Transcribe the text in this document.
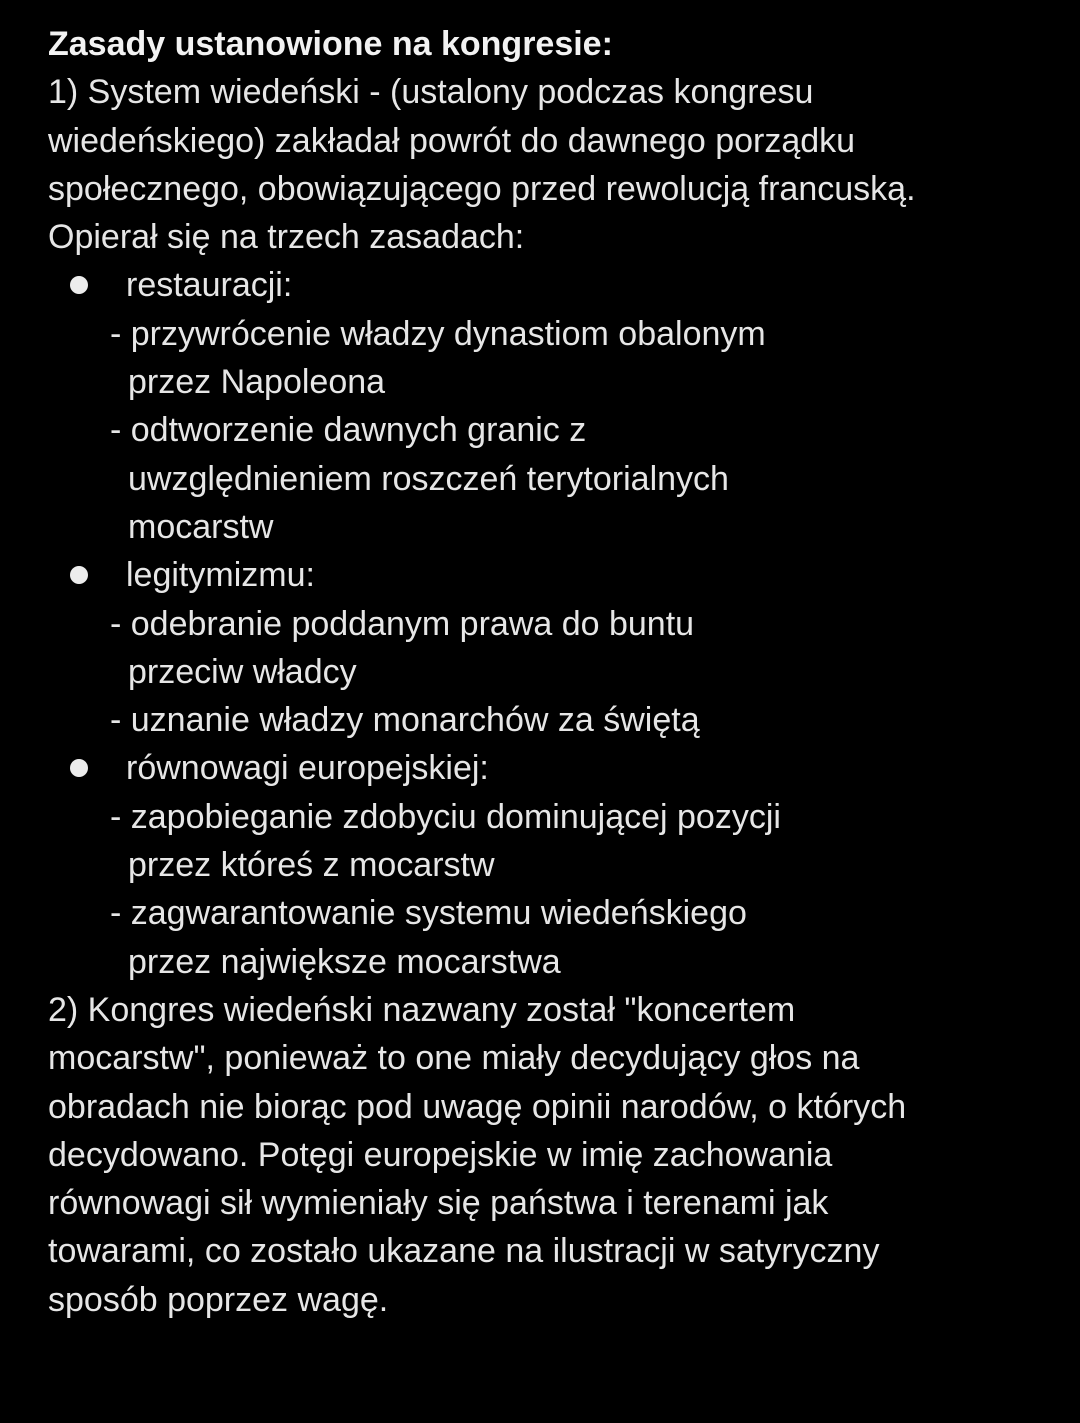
Zasady ustanowione na kongresie:
1) System wiedeński - (ustalony podczas kongresu
wiedeńskiego) zakładał powrót do dawnego porządku
społecznego, obowiązującego przed rewolucją francuską.
Opierał się na trzech zasadach:
restauracji:
- przywrócenie władzy dynastiom obalonym
przez Napoleona
- odtworzenie dawnych granic z
uwzględnieniem roszczeń terytorialnych
mocarstw
legitymizmu:
- odebranie poddanym prawa do buntu
przeciw władcy
- uznanie władzy monarchów za świętą
równowagi europejskiej:
- zapobieganie zdobyciu dominującej pozycji
przez któreś z mocarstw
- zagwarantowanie systemu wiedeńskiego
przez największe mocarstwa
2) Kongres wiedeński nazwany został "koncertem
mocarstw", ponieważ to one miały decydujący głos na
obradach nie biorąc pod uwagę opinii narodów, o których
decydowano. Potęgi europejskie w imię zachowania
równowagi sił wymieniały się państwa i terenami jak
towarami, co zostało ukazane na ilustracji w satyryczny
sposób poprzez wagę.
